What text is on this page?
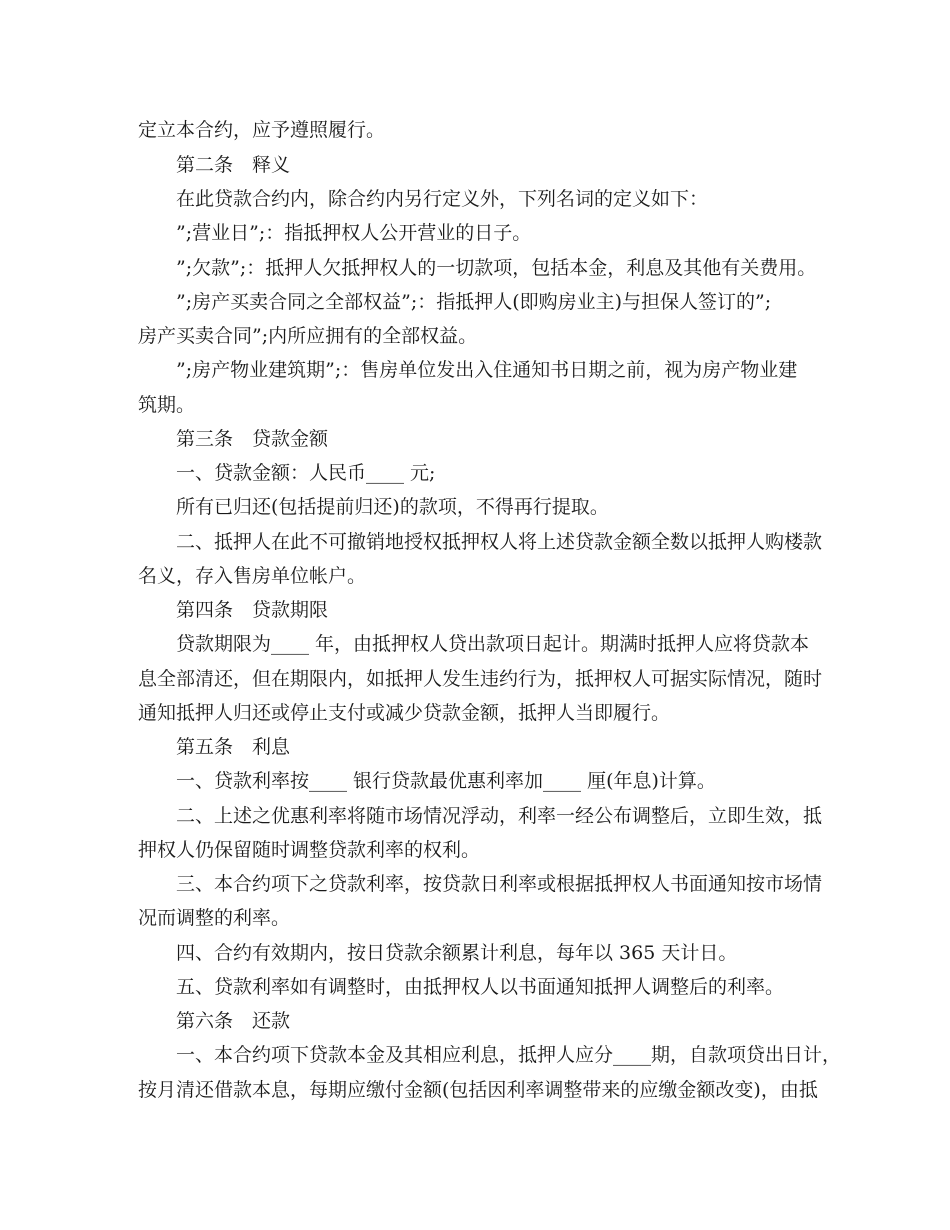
定立本合约，应予遵照履行。
第二条　释义
在此贷款合约内，除合约内另行定义外，下列名词的定义如下：
”;营业日”;：指抵押权人公开营业的日子。
”;欠款”;：抵押人欠抵押权人的一切款项，包括本金，利息及其他有关费用。
”;房产买卖合同之全部权益”;：指抵押人(即购房业主)与担保人签订的”;
房产买卖合同”;内所应拥有的全部权益。
”;房产物业建筑期”;：售房单位发出入住通知书日期之前，视为房产物业建
筑期。
第三条　贷款金额
一、贷款金额：人民币____ 元;
所有已归还(包括提前归还)的款项，不得再行提取。
二、抵押人在此不可撤销地授权抵押权人将上述贷款金额全数以抵押人购楼款
名义，存入售房单位帐户。
第四条　贷款期限
贷款期限为____ 年，由抵押权人贷出款项日起计。期满时抵押人应将贷款本
息全部清还，但在期限内，如抵押人发生违约行为，抵押权人可据实际情况，随时
通知抵押人归还或停止支付或减少贷款金额，抵押人当即履行。
第五条　利息
一、贷款利率按____ 银行贷款最优惠利率加____ 厘(年息)计算。
二、上述之优惠利率将随市场情况浮动，利率一经公布调整后，立即生效，抵
押权人仍保留随时调整贷款利率的权利。
三、本合约项下之贷款利率，按贷款日利率或根据抵押权人书面通知按市场情
况而调整的利率。
四、合约有效期内，按日贷款余额累计利息，每年以 365 天计日。
五、贷款利率如有调整时，由抵押权人以书面通知抵押人调整后的利率。
第六条　还款
一、本合约项下贷款本金及其相应利息，抵押人应分____期，自款项贷出日计，
按月清还借款本息，每期应缴付金额(包括因利率调整带来的应缴金额改变)，由抵
